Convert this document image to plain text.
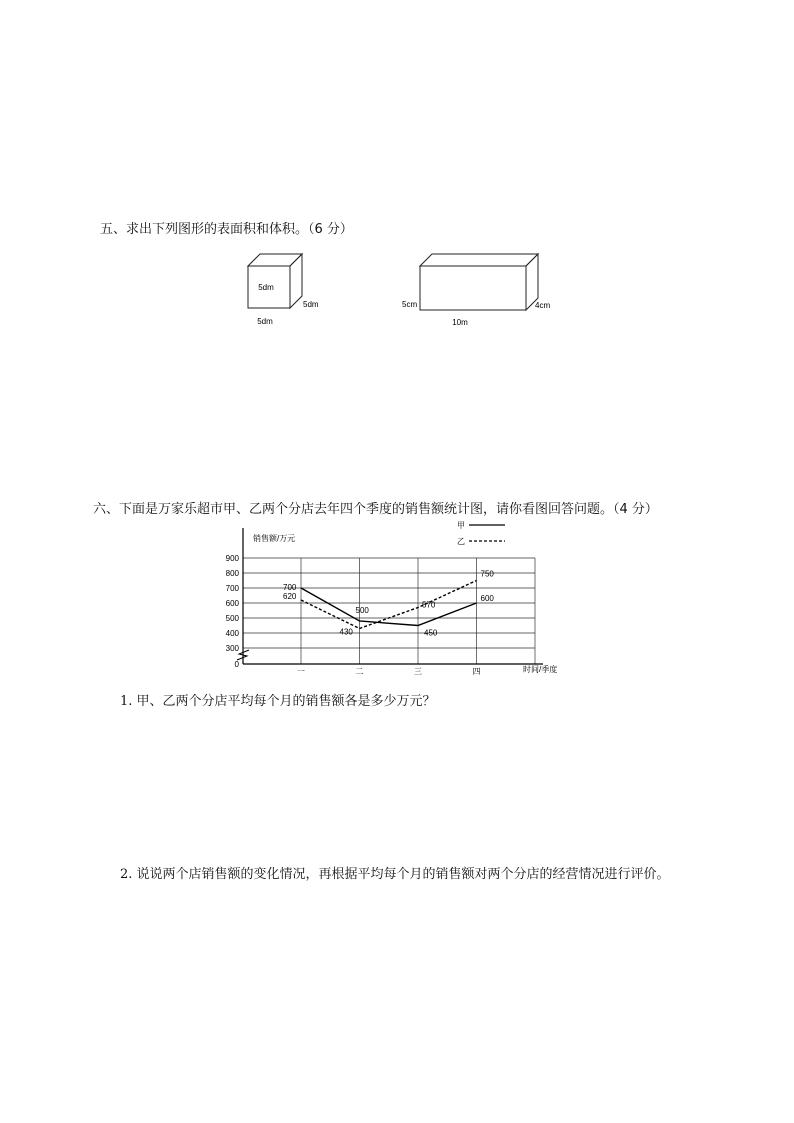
五、求出下列图形的表面积和体积。（6 分）
5dm
5dm
5dm
5cm
10m
4cm
六、下面是万家乐超市甲、乙两个分店去年四个季度的销售额统计图，请你看图回答问题。（4 分）
0
300
400
500
600
700
800
900
一	二	三	四
700
500
450
600
620
430
570
750
销售额/万元
时间/季度
甲
乙
1. 甲、乙两个分店平均每个月的销售额各是多少万元？
2. 说说两个店销售额的变化情况，再根据平均每个月的销售额对两个分店的经营情况进行评价。
